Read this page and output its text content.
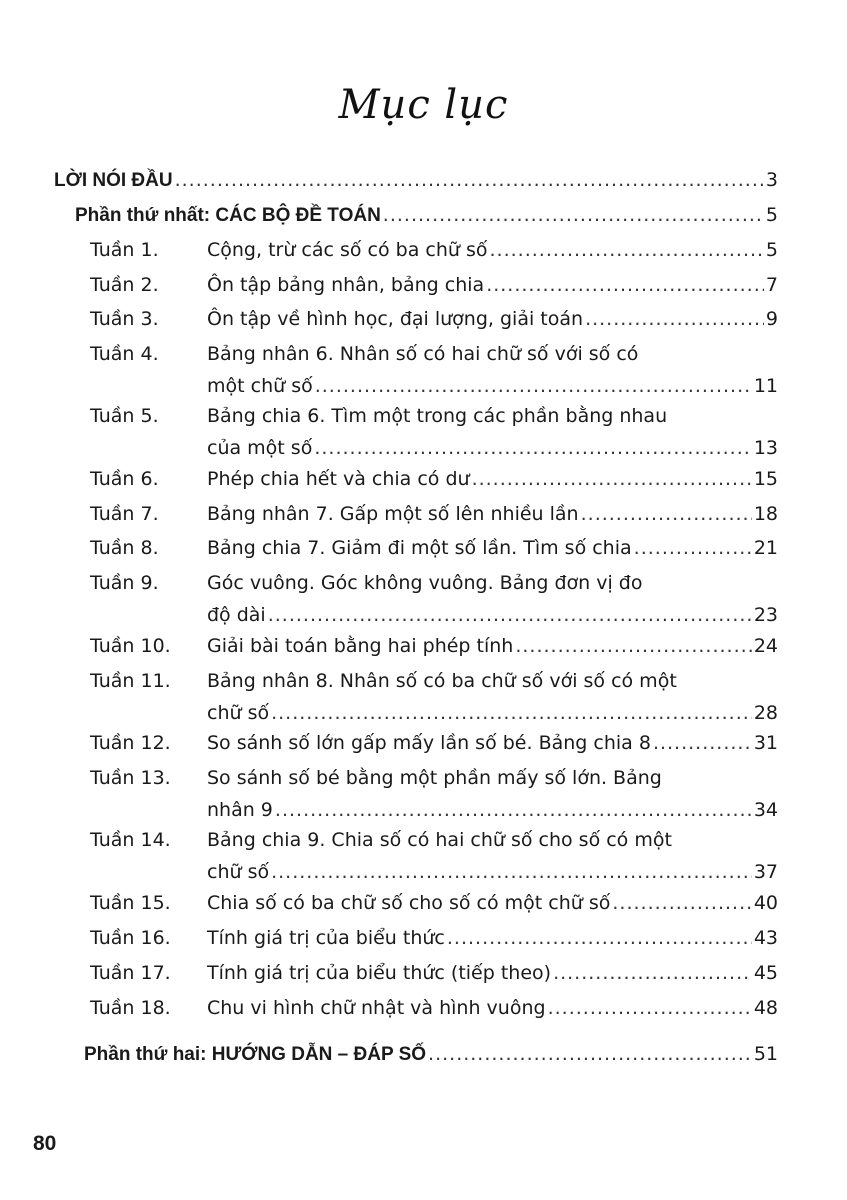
Mục lục
LỜI NÓI ĐẦU .....	3
Phần thứ nhất: CÁC BỘ ĐỀ TOÁN .....	5
Tuần 1.	Cộng, trừ các số có ba chữ số .....	5
Tuần 2.	Ôn tập bảng nhân, bảng chia .....	7
Tuần 3.	Ôn tập về hình học, đại lượng, giải toán .....	9
Tuần 4.	Bảng nhân 6. Nhân số có hai chữ số với số có
một chữ số .....	11
Tuần 5.	Bảng chia 6. Tìm một trong các phần bằng nhau
của một số .....	13
Tuần 6.	Phép chia hết và chia có dư .....	15
Tuần 7.	Bảng nhân 7. Gấp một số lên nhiều lần .....	18
Tuần 8.	Bảng chia 7. Giảm đi một số lần. Tìm số chia .....	21
Tuần 9.	Góc vuông. Góc không vuông. Bảng đơn vị đo
độ dài .....	23
Tuần 10. Giải bài toán bằng hai phép tính .....	24
Tuần 11. Bảng nhân 8. Nhân số có ba chữ số với số có một
chữ số .....	28
Tuần 12. So sánh số lớn gấp mấy lần số bé. Bảng chia 8 .....	31
Tuần 13. So sánh số bé bằng một phần mấy số lớn. Bảng
nhân 9 .....	34
Tuần 14. Bảng chia 9. Chia số có hai chữ số cho số có một
chữ số .....	37
Tuần 15. Chia số có ba chữ số cho số có một chữ số .....	40
Tuần 16. Tính giá trị của biểu thức .....	43
Tuần 17. Tính giá trị của biểu thức (tiếp theo) .....	45
Tuần 18. Chu vi hình chữ nhật và hình vuông .....	48
Phần thứ hai: HƯỚNG DẪN – ĐÁP SỐ .....	51
80
